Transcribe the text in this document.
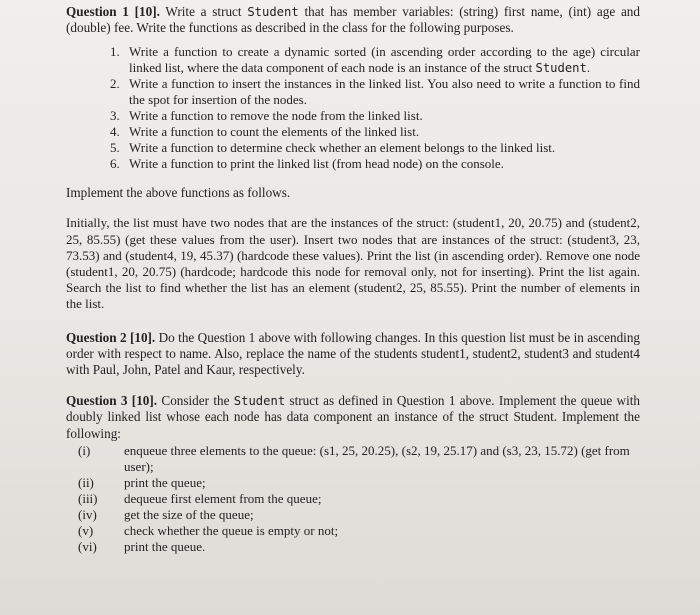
Question 1 [10]. Write a struct Student that has member variables: (string) first name, (int) age and (double) fee. Write the functions as described in the class for the following purposes.

1. Write a function to create a dynamic sorted (in ascending order according to the age) circular linked list, where the data component of each node is an instance of the struct Student.
2. Write a function to insert the instances in the linked list. You also need to write a function to find the spot for insertion of the nodes.
3. Write a function to remove the node from the linked list.
4. Write a function to count the elements of the linked list.
5. Write a function to determine check whether an element belongs to the linked list.
6. Write a function to print the linked list (from head node) on the console.

Implement the above functions as follows.

Initially, the list must have two nodes that are the instances of the struct: (student1, 20, 20.75) and (student2, 25, 85.55) (get these values from the user). Insert two nodes that are instances of the struct: (student3, 23, 73.53) and (student4, 19, 45.37) (hardcode these values). Print the list (in ascending order). Remove one node (student1, 20, 20.75) (hardcode; hardcode this node for removal only, not for inserting). Print the list again. Search the list to find whether the list has an element (student2, 25, 85.55). Print the number of elements in the list.

Question 2 [10]. Do the Question 1 above with following changes. In this question list must be in ascending order with respect to name. Also, replace the name of the students student1, student2, student3 and student4 with Paul, John, Patel and Kaur, respectively.

Question 3 [10]. Consider the Student struct as defined in Question 1 above. Implement the queue with doubly linked list whose each node has data component an instance of the struct Student. Implement the following:

(i)	enqueue three elements to the queue: (s1, 25, 20.25), (s2, 19, 25.17) and (s3, 23, 15.72) (get from user);
(ii)	print the queue;
(iii)	dequeue first element from the queue;
(iv)	get the size of the queue;
(v)	check whether the queue is empty or not;
(vi)	print the queue.
